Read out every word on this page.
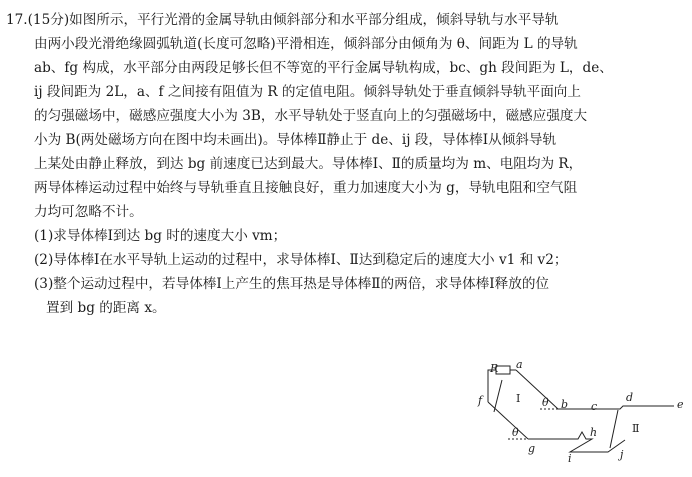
17.(15分)如图所示，平行光滑的金属导轨由倾斜部分和水平部分组成，倾斜导轨与水平导轨
由两小段光滑绝缘圆弧轨道(长度可忽略)平滑相连，倾斜部分由倾角为 θ、间距为 L 的导轨
ab、fg 构成，水平部分由两段足够长但不等宽的平行金属导轨构成，bc、gh 段间距为 L，de、
ij 段间距为 2L，a、f 之间接有阻值为 R 的定值电阻。倾斜导轨处于垂直倾斜导轨平面向上
的匀强磁场中，磁感应强度大小为 3B，水平导轨处于竖直向上的匀强磁场中，磁感应强度大
小为 B(两处磁场方向在图中均未画出)。导体棒Ⅱ静止于 de、ij 段，导体棒Ⅰ从倾斜导轨
上某处由静止释放，到达 bg 前速度已达到最大。导体棒Ⅰ、Ⅱ的质量均为 m、电阻均为 R，
两导体棒运动过程中始终与导轨垂直且接触良好，重力加速度大小为 g，导轨电阻和空气阻
力均可忽略不计。
(1)求导体棒Ⅰ到达 bg 时的速度大小 vm；
(2)导体棒Ⅰ在水平导轨上运动的过程中，求导体棒Ⅰ、Ⅱ达到稳定后的速度大小 v1 和 v2；
(3)整个运动过程中，若导体棒Ⅰ上产生的焦耳热是导体棒Ⅱ的两倍，求导体棒Ⅰ释放的位
置到 bg 的距离 x。
R a
f	Ⅰ θ b
θ
g
c
h
d
e
Ⅱ
i	j
